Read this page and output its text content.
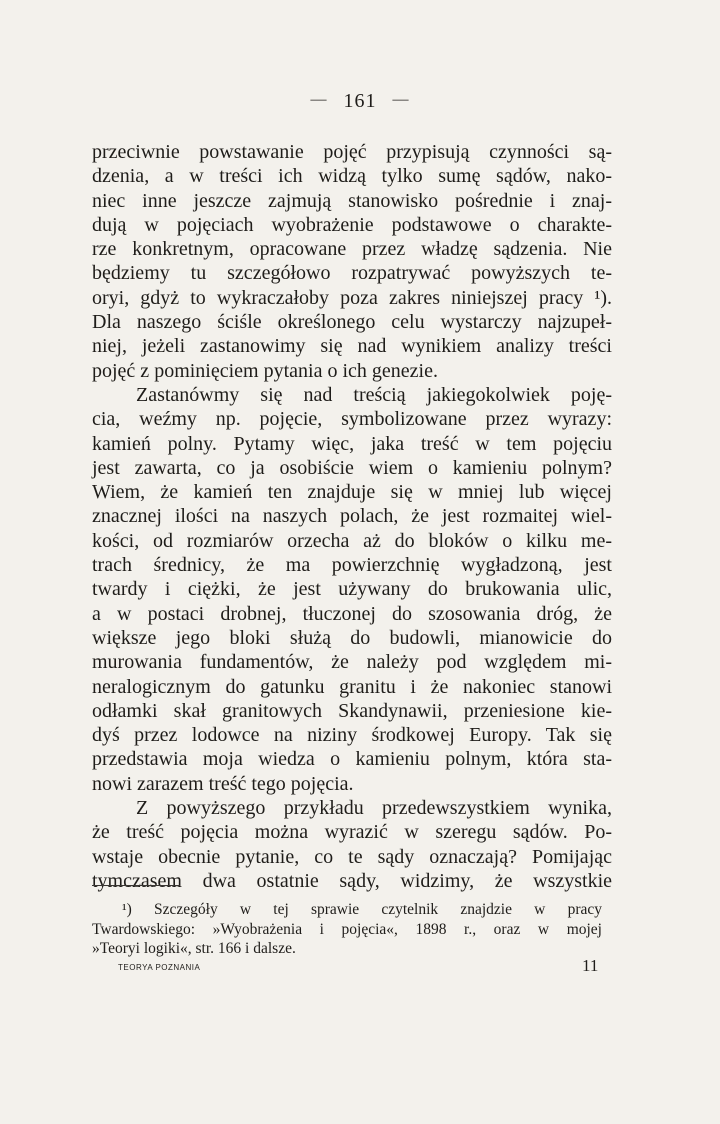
— 161 —
przeciwnie powstawanie pojęć przypisują czynności są-
dzenia, a w treści ich widzą tylko sumę sądów, nako-
niec inne jeszcze zajmują stanowisko pośrednie i znaj-
dują w pojęciach wyobrażenie podstawowe o charakte-
rze konkretnym, opracowane przez władzę sądzenia. Nie
będziemy tu szczegółowo rozpatrywać powyższych te-
oryi, gdyż to wykraczałoby poza zakres niniejszej pracy ¹).
Dla naszego ściśle określonego celu wystarczy najzupeł-
niej, jeżeli zastanowimy się nad wynikiem analizy treści
pojęć z pominięciem pytania o ich genezie.
Zastanówmy się nad treścią jakiegokolwiek poję-
cia, weźmy np. pojęcie, symbolizowane przez wyrazy:
kamień polny. Pytamy więc, jaka treść w tem pojęciu
jest zawarta, co ja osobiście wiem o kamieniu polnym?
Wiem, że kamień ten znajduje się w mniej lub więcej
znacznej ilości na naszych polach, że jest rozmaitej wiel-
kości, od rozmiarów orzecha aż do bloków o kilku me-
trach średnicy, że ma powierzchnię wygładzoną, jest
twardy i ciężki, że jest używany do brukowania ulic,
a w postaci drobnej, tłuczonej do szosowania dróg, że
większe jego bloki służą do budowli, mianowicie do
murowania fundamentów, że należy pod względem mi-
neralogicznym do gatunku granitu i że nakoniec stanowi
odłamki skał granitowych Skandynawii, przeniesione kie-
dyś przez lodowce na niziny środkowej Europy. Tak się
przedstawia moja wiedza o kamieniu polnym, która sta-
nowi zarazem treść tego pojęcia.
Z powyższego przykładu przedewszystkiem wynika,
że treść pojęcia można wyrazić w szeregu sądów. Po-
wstaje obecnie pytanie, co te sądy oznaczają? Pomijając
tymczasem dwa ostatnie sądy, widzimy, że wszystkie
¹) Szczegóły w tej sprawie czytelnik znajdzie w pracy
Twardowskiego: »Wyobrażenia i pojęcia«, 1898 r., oraz w mojej
»Teoryi logiki«, str. 166 i dalsze.
TEORYA POZNANIA	11
